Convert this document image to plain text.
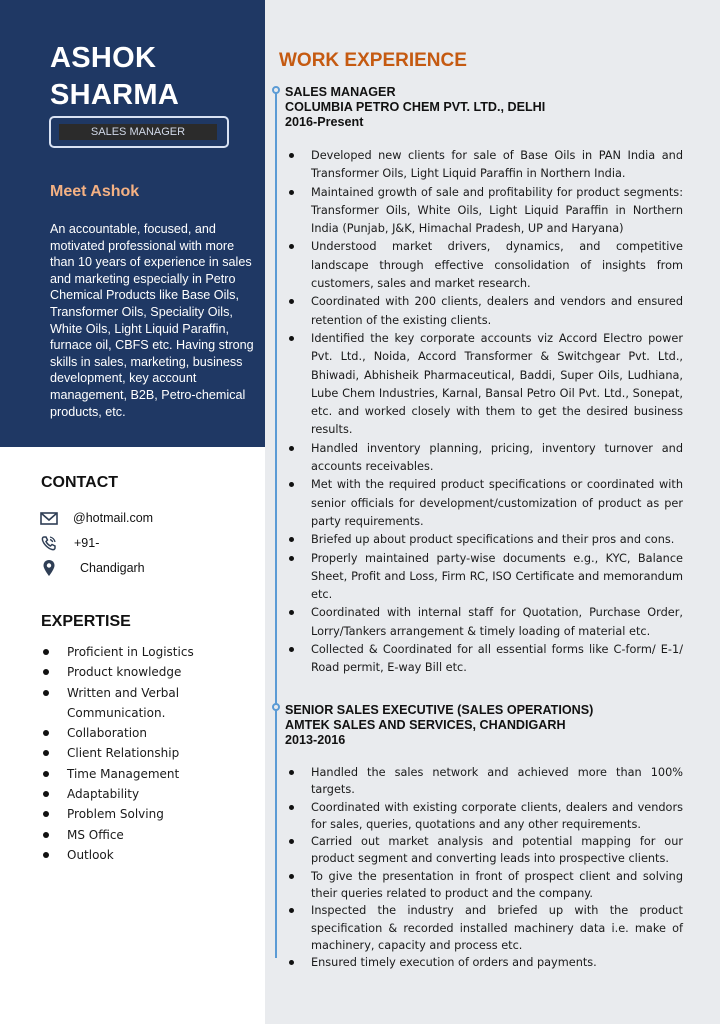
ASHOK
SHARMA
SALES MANAGER
Meet Ashok
An accountable, focused, and motivated professional with more than 10 years of experience in sales and marketing especially in Petro Chemical Products like Base Oils, Transformer Oils, Speciality Oils, White Oils, Light Liquid Paraffin, furnace oil, CBFS etc. Having strong skills in sales, marketing, business development, key account management, B2B, Petro-chemical products, etc.
CONTACT
@hotmail.com
+91-
Chandigarh
EXPERTISE
Proficient in Logistics
Product knowledge
Written and Verbal Communication.
Collaboration
Client Relationship
Time Management
Adaptability
Problem Solving
MS Office
Outlook
WORK EXPERIENCE
SALES MANAGER
COLUMBIA PETRO CHEM PVT. LTD., DELHI
2016-Present
Developed new clients for sale of Base Oils in PAN India and Transformer Oils, Light Liquid Paraffin in Northern India.
Maintained growth of sale and profitability for product segments: Transformer Oils, White Oils, Light Liquid Paraffin in Northern India (Punjab, J&K, Himachal Pradesh, UP and Haryana)
Understood market drivers, dynamics, and competitive landscape through effective consolidation of insights from customers, sales and market research.
Coordinated with 200 clients, dealers and vendors and ensured retention of the existing clients.
Identified the key corporate accounts viz Accord Electro power Pvt. Ltd., Noida, Accord Transformer & Switchgear Pvt. Ltd., Bhiwadi, Abhisheik Pharmaceutical, Baddi, Super Oils, Ludhiana, Lube Chem Industries, Karnal, Bansal Petro Oil Pvt. Ltd., Sonepat, etc. and worked closely with them to get the desired business results.
Handled inventory planning, pricing, inventory turnover and accounts receivables.
Met with the required product specifications or coordinated with senior officials for development/customization of product as per party requirements.
Briefed up about product specifications and their pros and cons.
Properly maintained party-wise documents e.g., KYC, Balance Sheet, Profit and Loss, Firm RC, ISO Certificate and memorandum etc.
Coordinated with internal staff for Quotation, Purchase Order, Lorry/Tankers arrangement & timely loading of material etc.
Collected & Coordinated for all essential forms like C-form/ E-1/ Road permit, E-way Bill etc.
SENIOR SALES EXECUTIVE (SALES OPERATIONS)
AMTEK SALES AND SERVICES, CHANDIGARH
2013-2016
Handled the sales network and achieved more than 100% targets.
Coordinated with existing corporate clients, dealers and vendors for sales, queries, quotations and any other requirements.
Carried out market analysis and potential mapping for our product segment and converting leads into prospective clients.
To give the presentation in front of prospect client and solving their queries related to product and the company.
Inspected the industry and briefed up with the product specification & recorded installed machinery data i.e. make of machinery, capacity and process etc.
Ensured timely execution of orders and payments.
